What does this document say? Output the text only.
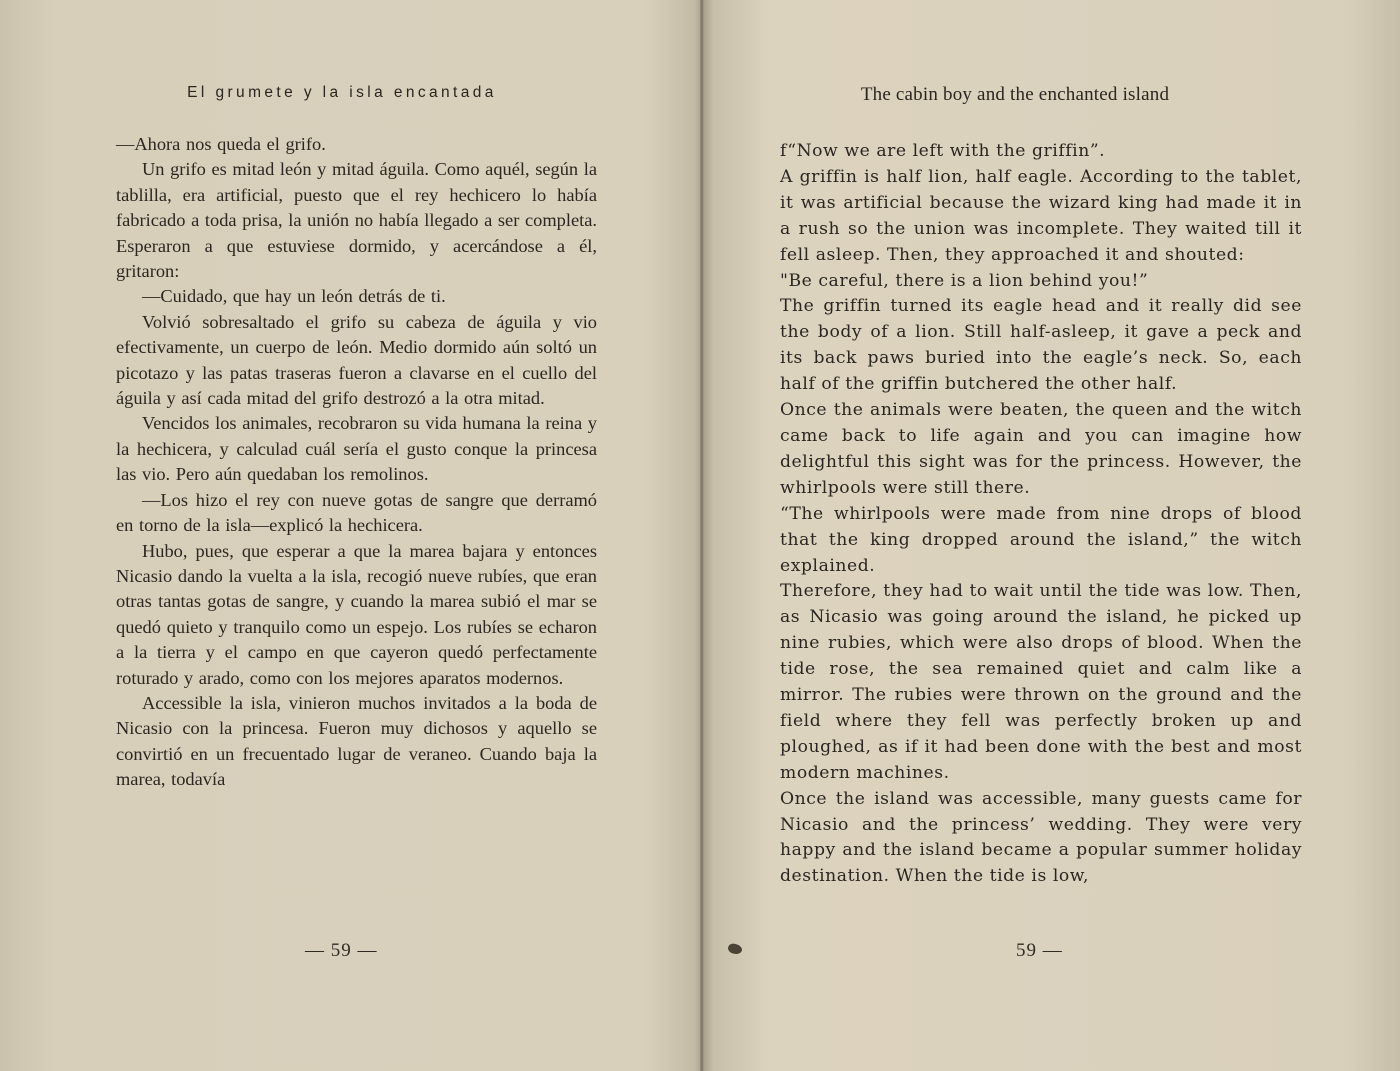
El grumete y la isla encantada

—Ahora nos queda el grifo.

Un grifo es mitad león y mitad águila. Como aquél, según la tablilla, era artificial, puesto que el rey hechicero lo había fabricado a toda prisa, la unión no había llegado a ser completa. Esperaron a que estuviese dormido, y acercándose a él, gritaron:

—Cuidado, que hay un león detrás de ti.

Volvió sobresaltado el grifo su cabeza de águila y vio efectivamente, un cuerpo de león. Medio dormido aún soltó un picotazo y las patas traseras fueron a clavarse en el cuello del águila y así cada mitad del grifo destrozó a la otra mitad.

Vencidos los animales, recobraron su vida humana la reina y la hechicera, y calculad cuál sería el gusto conque la princesa las vio. Pero aún quedaban los remolinos.

—Los hizo el rey con nueve gotas de sangre que derramó en torno de la isla—explicó la hechicera.

Hubo, pues, que esperar a que la marea bajara y entonces Nicasio dando la vuelta a la isla, recogió nueve rubíes, que eran otras tantas gotas de sangre, y cuando la marea subió el mar se quedó quieto y tranquilo como un espejo. Los rubíes se echaron a la tierra y el campo en que cayeron quedó perfectamente roturado y arado, como con los mejores aparatos modernos.

Accessible la isla, vinieron muchos invitados a la boda de Nicasio con la princesa. Fueron muy dichosos y aquello se convirtió en un frecuentado lugar de veraneo. Cuando baja la marea, todavía

— 59 —
The cabin boy and the enchanted island

f“Now we are left with the griffin”.

A griffin is half lion, half eagle. According to the tablet, it was artificial because the wizard king had made it in a rush so the union was incomplete. They waited till it fell asleep. Then, they approached it and shouted:

"Be careful, there is a lion behind you!”

The griffin turned its eagle head and it really did see the body of a lion. Still half-asleep, it gave a peck and its back paws buried into the eagle’s neck. So, each half of the griffin butchered the other half.

Once the animals were beaten, the queen and the witch came back to life again and you can imagine how delightful this sight was for the princess. However, the whirlpools were still there.

“The whirlpools were made from nine drops of blood that the king dropped around the island,” the witch explained.

Therefore, they had to wait until the tide was low. Then, as Nicasio was going around the island, he picked up nine rubies, which were also drops of blood. When the tide rose, the sea remained quiet and calm like a mirror. The rubies were thrown on the ground and the field where they fell was perfectly broken up and ploughed, as if it had been done with the best and most modern machines.

Once the island was accessible, many guests came for Nicasio and the princess’ wedding. They were very happy and the island became a popular summer holiday destination. When the tide is low,

59 —
